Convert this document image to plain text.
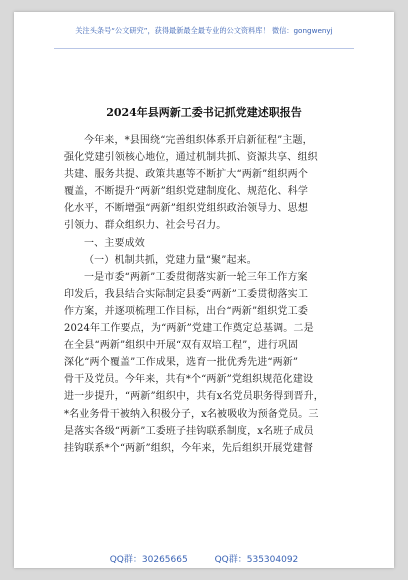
关注头条号“公文研究”，获得最新最全最专业的公文资料库！ 微信：gongwenyj
2024年县两新工委书记抓党建述职报告

今年来，*县围绕“完善组织体系开启新征程”主题，

强化党建引领核心地位，通过机制共抓、资源共享、组织

共建、服务共提、政策共惠等不断扩大“两新”组织两个

覆盖，不断提升“两新”组织党建制度化、规范化、科学

化水平，不断增强“两新”组织党组织政治领导力、思想

引领力、群众组织力、社会号召力。

一、主要成效

（一）机制共抓，党建力量“聚”起来。

一是市委“两新”工委贯彻落实新一轮三年工作方案

印发后，我县结合实际制定县委“两新”工委贯彻落实工

作方案，并逐项梳理工作目标，出台“两新”组织党工委

2024年工作要点，为“两新”党建工作奠定总基调。二是

在全县“两新”组织中开展“双有双培工程”，进行巩固

深化“两个覆盖”工作成果，选育一批优秀先进“两新”

骨干及党员。今年来，共有*个“两新”党组织规范化建设

进一步提升，“两新”组织中，共有x名党员职务得到晋升，

*名业务骨干被纳入积极分子，x名被吸收为预备党员。三

是落实各级“两新”工委班子挂钩联系制度，x名班子成员

挂钩联系*个“两新”组织，今年来，先后组织开展党建督

QQ群：30265665	QQ群：535304092
